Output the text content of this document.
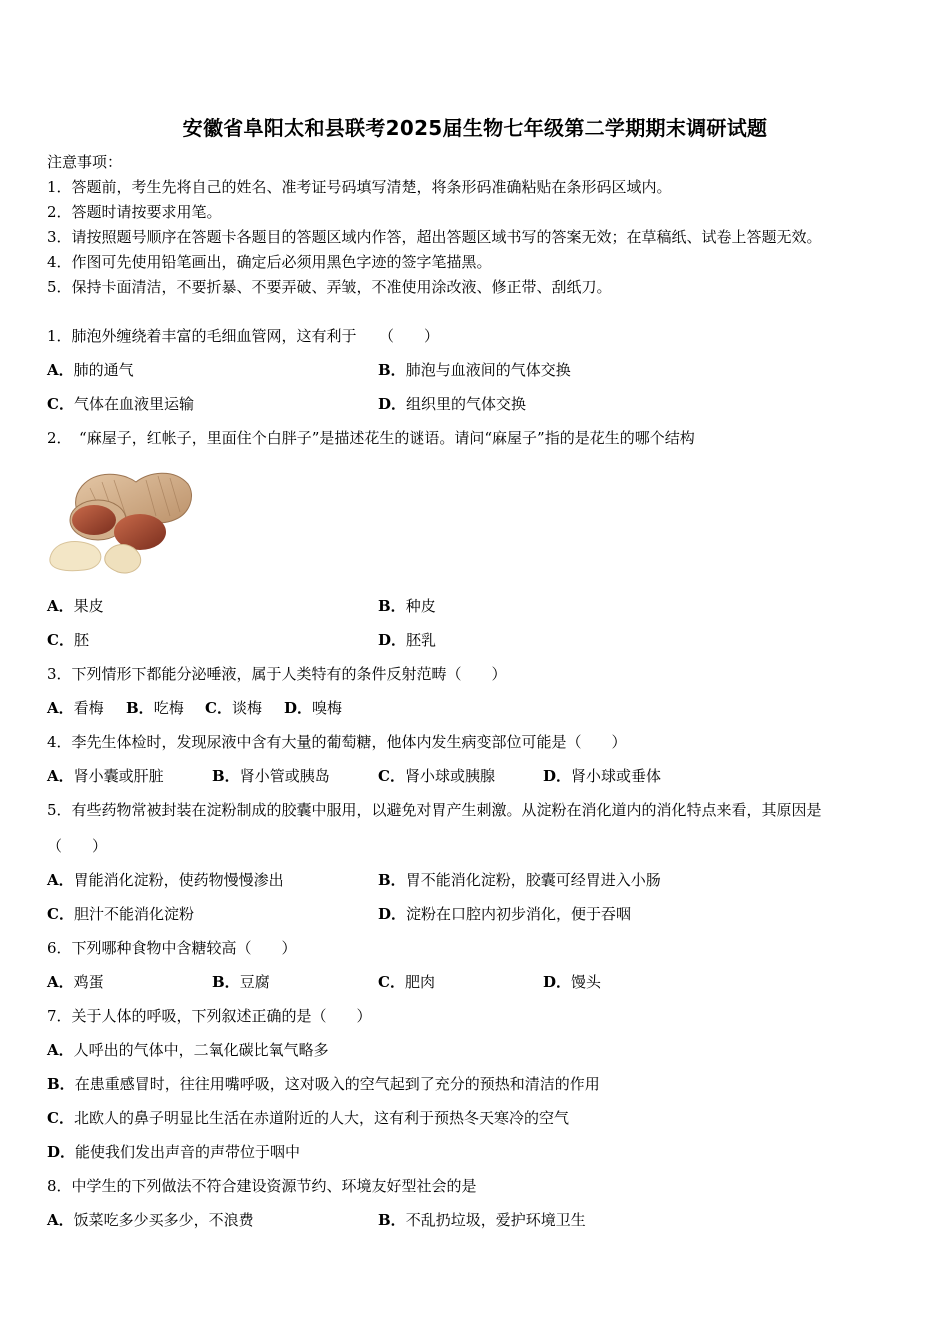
安徽省阜阳太和县联考2025届生物七年级第二学期期末调研试题
注意事项：
1．答题前，考生先将自己的姓名、准考证号码填写清楚，将条形码准确粘贴在条形码区域内。
2．答题时请按要求用笔。
3．请按照题号顺序在答题卡各题目的答题区域内作答，超出答题区域书写的答案无效；在草稿纸、试卷上答题无效。
4．作图可先使用铅笔画出，确定后必须用黑色字迹的签字笔描黑。
5．保持卡面清洁，不要折暴、不要弄破、弄皱，不准使用涂改液、修正带、刮纸刀。
1．肺泡外缠绕着丰富的毛细血管网，这有利于　　（　　）
A．肺的通气	B．肺泡与血液间的气体交换
C．气体在血液里运输	D．组织里的气体交换
2．　“麻屋子，红帐子，里面住个白胖子”是描述花生的谜语。请问“麻屋子”指的是花生的哪个结构
A．果皮	B．种皮
C．胚	D．胚乳
3．下列情形下都能分泌唾液，属于人类特有的条件反射范畴（　　）
A．看梅 B．吃梅 C．谈梅 D．嗅梅
4．李先生体检时，发现尿液中含有大量的葡萄糖，他体内发生病变部位可能是（　　）
A．肾小囊或肝脏	B．肾小管或胰岛	C．肾小球或胰腺	D．肾小球或垂体
5．有些药物常被封装在淀粉制成的胶囊中服用，以避免对胃产生刺激。从淀粉在消化道内的消化特点来看，其原因是
（　　）
A．胃能消化淀粉，使药物慢慢渗出	B．胃不能消化淀粉，胶囊可经胃进入小肠
C．胆汁不能消化淀粉	D．淀粉在口腔内初步消化，便于吞咽
6．下列哪种食物中含糖较高（　　）
A．鸡蛋	B．豆腐	C．肥肉	D．馒头
7．关于人体的呼吸，下列叙述正确的是（　　）
A．人呼出的气体中，二氧化碳比氧气略多
B．在患重感冒时，往往用嘴呼吸，这对吸入的空气起到了充分的预热和清洁的作用
C．北欧人的鼻子明显比生活在赤道附近的人大，这有利于预热冬天寒冷的空气
D．能使我们发出声音的声带位于咽中
8．中学生的下列做法不符合建设资源节约、环境友好型社会的是
A．饭菜吃多少买多少，不浪费	B．不乱扔垃圾，爱护环境卫生
